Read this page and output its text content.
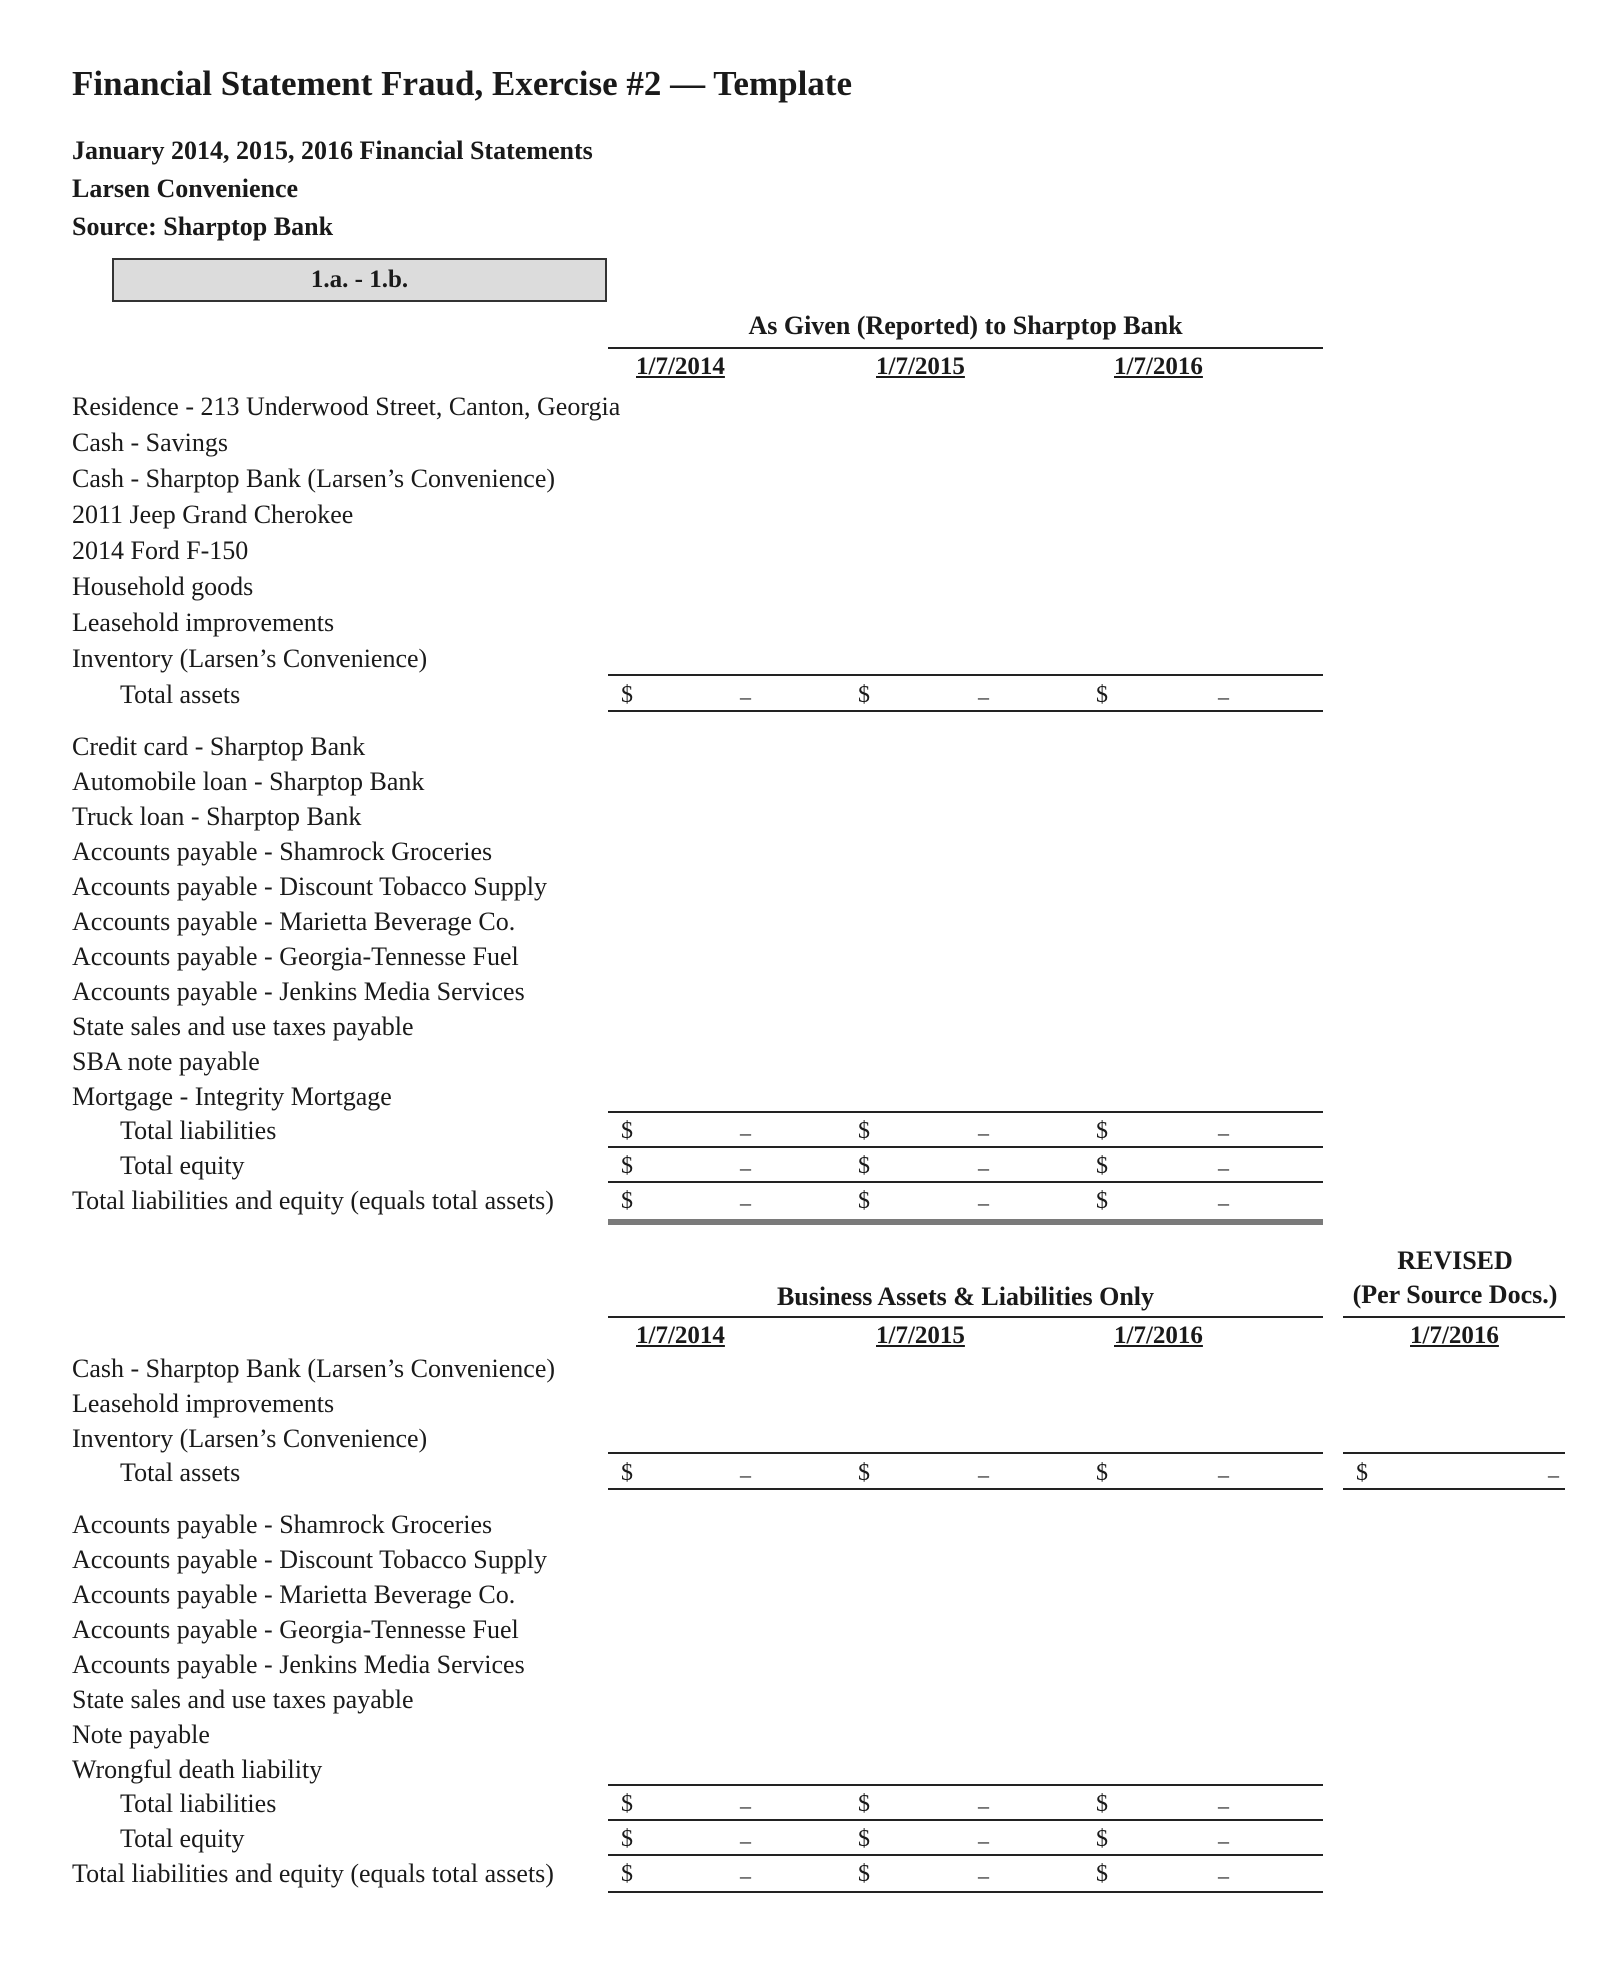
Financial Statement Fraud, Exercise #2 — Template
January 2014, 2015, 2016 Financial Statements
Larsen Convenience
Source: Sharptop Bank
1.a. - 1.b.
As Given (Reported) to Sharptop Bank
1/7/2014	1/7/2015	1/7/2016
Residence - 213 Underwood Street, Canton, Georgia
Cash - Savings
Cash - Sharptop Bank (Larsen’s Convenience)
2011 Jeep Grand Cherokee
2014 Ford F-150
Household goods
Leasehold improvements
Inventory (Larsen’s Convenience)
Total assets	$	–	$	–	$	–
Credit card - Sharptop Bank
Automobile loan - Sharptop Bank
Truck loan - Sharptop Bank
Accounts payable - Shamrock Groceries
Accounts payable - Discount Tobacco Supply
Accounts payable - Marietta Beverage Co.
Accounts payable - Georgia-Tennesse Fuel
Accounts payable - Jenkins Media Services
State sales and use taxes payable
SBA note payable
Mortgage - Integrity Mortgage
Total liabilities	$	–	$	–	$	–
Total equity	$	–	$	–	$	–
Total liabilities and equity (equals total assets)	$	–	$	–	$	–
REVISED
(Per Source Docs.)
Business Assets & Liabilities Only
1/7/2014	1/7/2015	1/7/2016	1/7/2016
Cash - Sharptop Bank (Larsen’s Convenience)
Leasehold improvements
Inventory (Larsen’s Convenience)
Total assets	$	–	$	–	$	–	$	–
Accounts payable - Shamrock Groceries
Accounts payable - Discount Tobacco Supply
Accounts payable - Marietta Beverage Co.
Accounts payable - Georgia-Tennesse Fuel
Accounts payable - Jenkins Media Services
State sales and use taxes payable
Note payable
Wrongful death liability
Total liabilities	$	–	$	–	$	–
Total equity	$	–	$	–	$	–
Total liabilities and equity (equals total assets)	$	–	$	–	$	–
